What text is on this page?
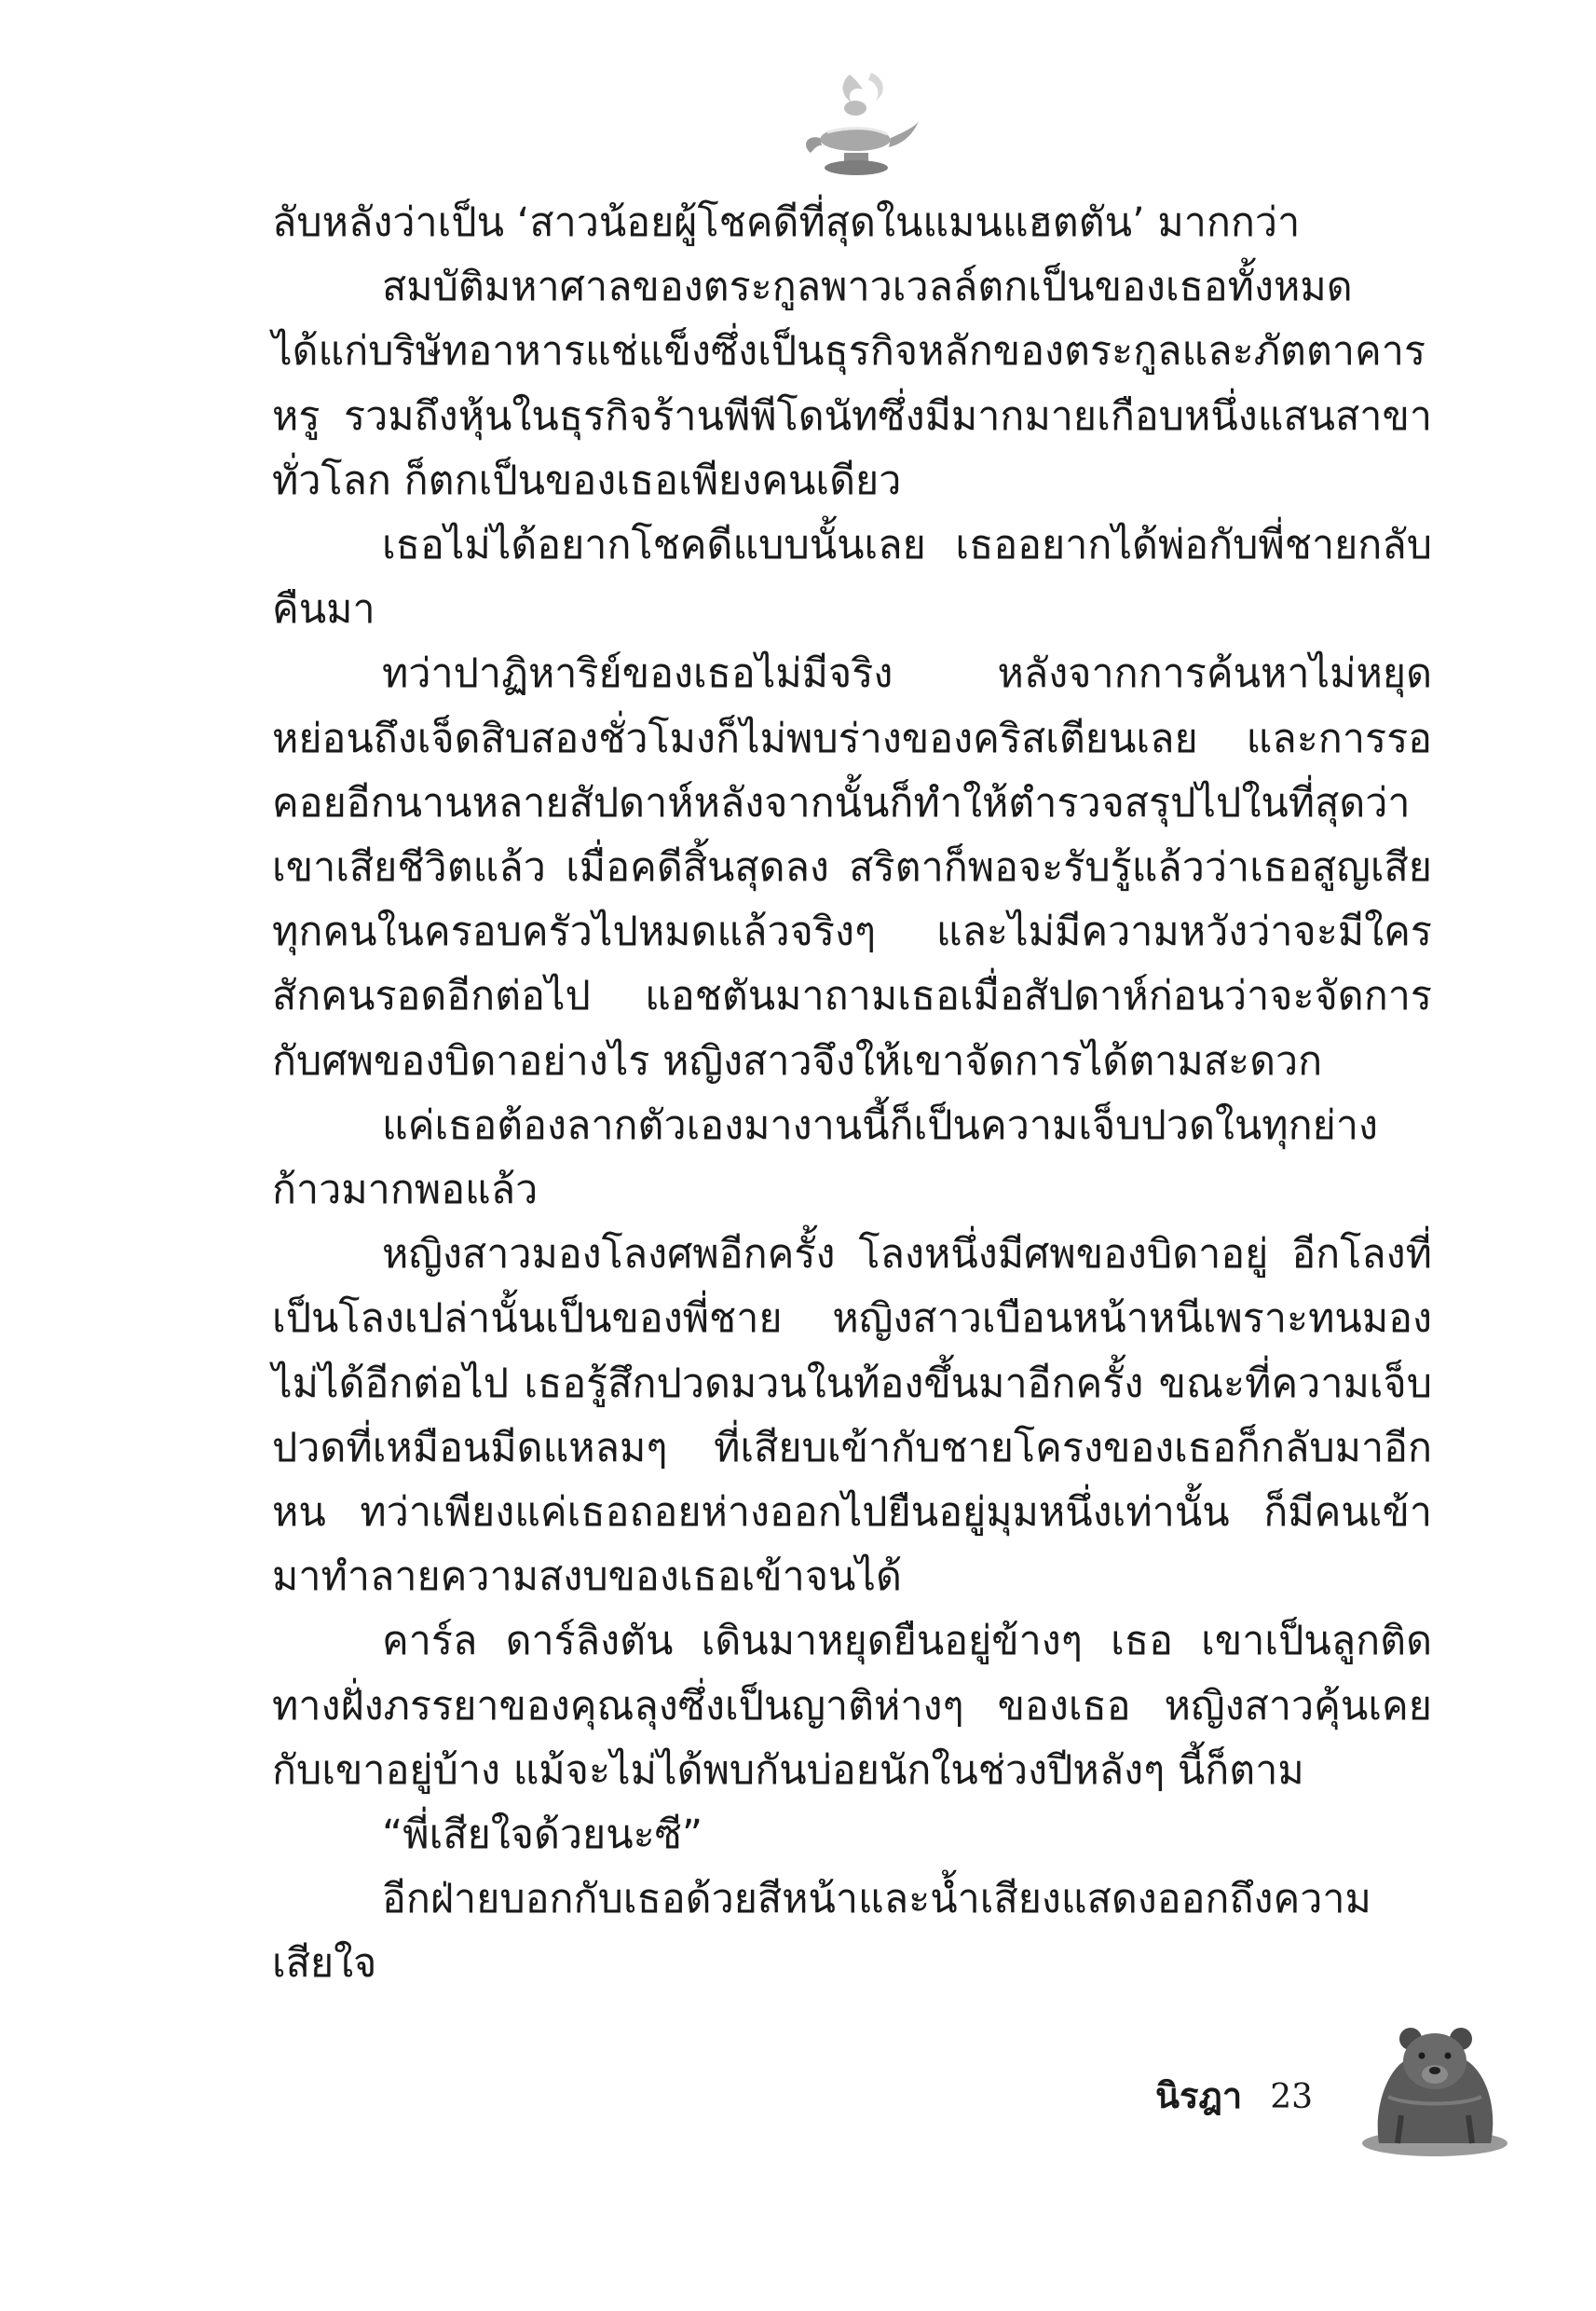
ลับหลังว่าเป็น ‘สาวน้อยผู้โชคดีที่สุดในแมนแฮตตัน’ มากกว่า

สมบัติมหาศาลของตระกูลพาวเวลล์ตกเป็นของเธอทั้งหมด ได้แก่บริษัทอาหารแช่แข็งซึ่งเป็นธุรกิจหลักของตระกูลและภัตตาคารหรู รวมถึงหุ้นในธุรกิจร้านพีพีโดนัทซึ่งมีมากมายเกือบหนึ่งแสนสาขาทั่วโลก ก็ตกเป็นของเธอเพียงคนเดียว

เธอไม่ได้อยากโชคดีแบบนั้นเลย เธออยากได้พ่อกับพี่ชายกลับคืนมา

ทว่าปาฏิหาริย์ของเธอไม่มีจริง หลังจากการค้นหาไม่หยุดหย่อนถึงเจ็ดสิบสองชั่วโมงก็ไม่พบร่างของคริสเตียนเลย และการรอคอยอีกนานหลายสัปดาห์หลังจากนั้นก็ทำให้ตำรวจสรุปไปในที่สุดว่าเขาเสียชีวิตแล้ว เมื่อคดีสิ้นสุดลง สริตาก็พอจะรับรู้แล้วว่าเธอสูญเสียทุกคนในครอบครัวไปหมดแล้วจริงๆ และไม่มีความหวังว่าจะมีใครสักคนรอดอีกต่อไป แอชตันมาถามเธอเมื่อสัปดาห์ก่อนว่าจะจัดการกับศพของบิดาอย่างไร หญิงสาวจึงให้เขาจัดการได้ตามสะดวก

แค่เธอต้องลากตัวเองมางานนี้ก็เป็นความเจ็บปวดในทุกย่างก้าวมากพอแล้ว

หญิงสาวมองโลงศพอีกครั้ง โลงหนึ่งมีศพของบิดาอยู่ อีกโลงที่เป็นโลงเปล่านั้นเป็นของพี่ชาย หญิงสาวเบือนหน้าหนีเพราะทนมองไม่ได้อีกต่อไป เธอรู้สึกปวดมวนในท้องขึ้นมาอีกครั้ง ขณะที่ความเจ็บปวดที่เหมือนมีดแหลมๆ ที่เสียบเข้ากับชายโครงของเธอก็กลับมาอีกหน ทว่าเพียงแค่เธอถอยห่างออกไปยืนอยู่มุมหนึ่งเท่านั้น ก็มีคนเข้ามาทำลายความสงบของเธอเข้าจนได้

คาร์ล ดาร์ลิงตัน เดินมาหยุดยืนอยู่ข้างๆ เธอ เขาเป็นลูกติดทางฝั่งภรรยาของคุณลุงซึ่งเป็นญาติห่างๆ ของเธอ หญิงสาวคุ้นเคยกับเขาอยู่บ้าง แม้จะไม่ได้พบกันบ่อยนักในช่วงปีหลังๆ นี้ก็ตาม

“พี่เสียใจด้วยนะซี”

อีกฝ่ายบอกกับเธอด้วยสีหน้าและน้ำเสียงแสดงออกถึงความเสียใจ

นิรฎา 23
